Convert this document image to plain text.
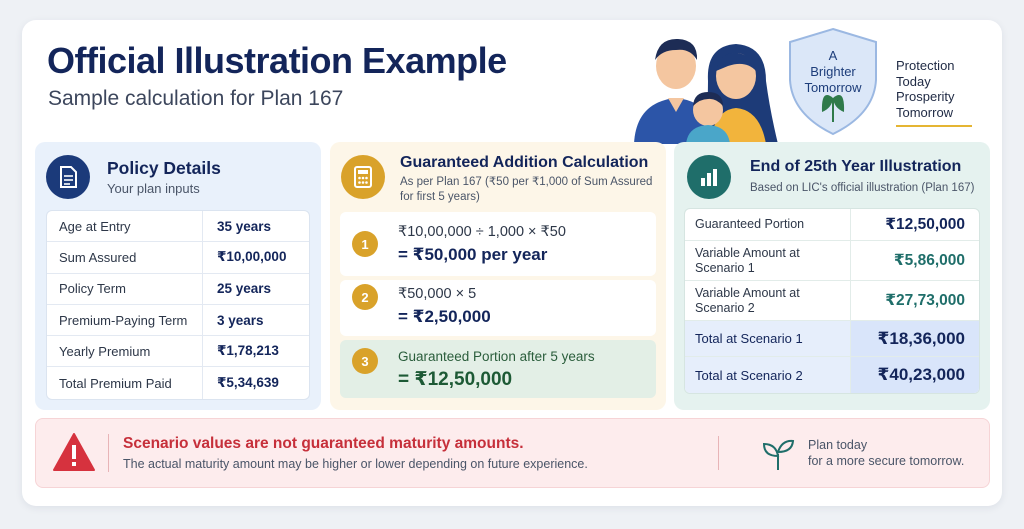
Official Illustration Example
Sample calculation for Plan 167
A
Brighter
Tomorrow
Protection
Today
Prosperity
Tomorrow
Policy Details
Your plan inputs
Age at Entry	35 years
Sum Assured	₹10,00,000
Policy Term	25 years
Premium-Paying Term	3 years
Yearly Premium	₹1,78,213
Total Premium Paid	₹5,34,639
Guaranteed Addition Calculation
As per Plan 167 (₹50 per ₹1,000 of Sum Assured
for first 5 years)
1
₹10,00,000 ÷ 1,000 × ₹50
= ₹50,000 per year
2	₹50,000 × 5
= ₹2,50,000
3	Guaranteed Portion after 5 years
= ₹12,50,000
End of 25th Year Illustration
Based on LIC's official illustration (Plan 167)
Guaranteed Portion	₹12,50,000
Variable Amount at Scenario 1	₹5,86,000
Variable Amount at Scenario 2	₹27,73,000
Total at Scenario 1	₹18,36,000
Total at Scenario 2	₹40,23,000
Scenario values are not guaranteed maturity amounts.
The actual maturity amount may be higher or lower depending on future experience.
Plan today
for a more secure tomorrow.
